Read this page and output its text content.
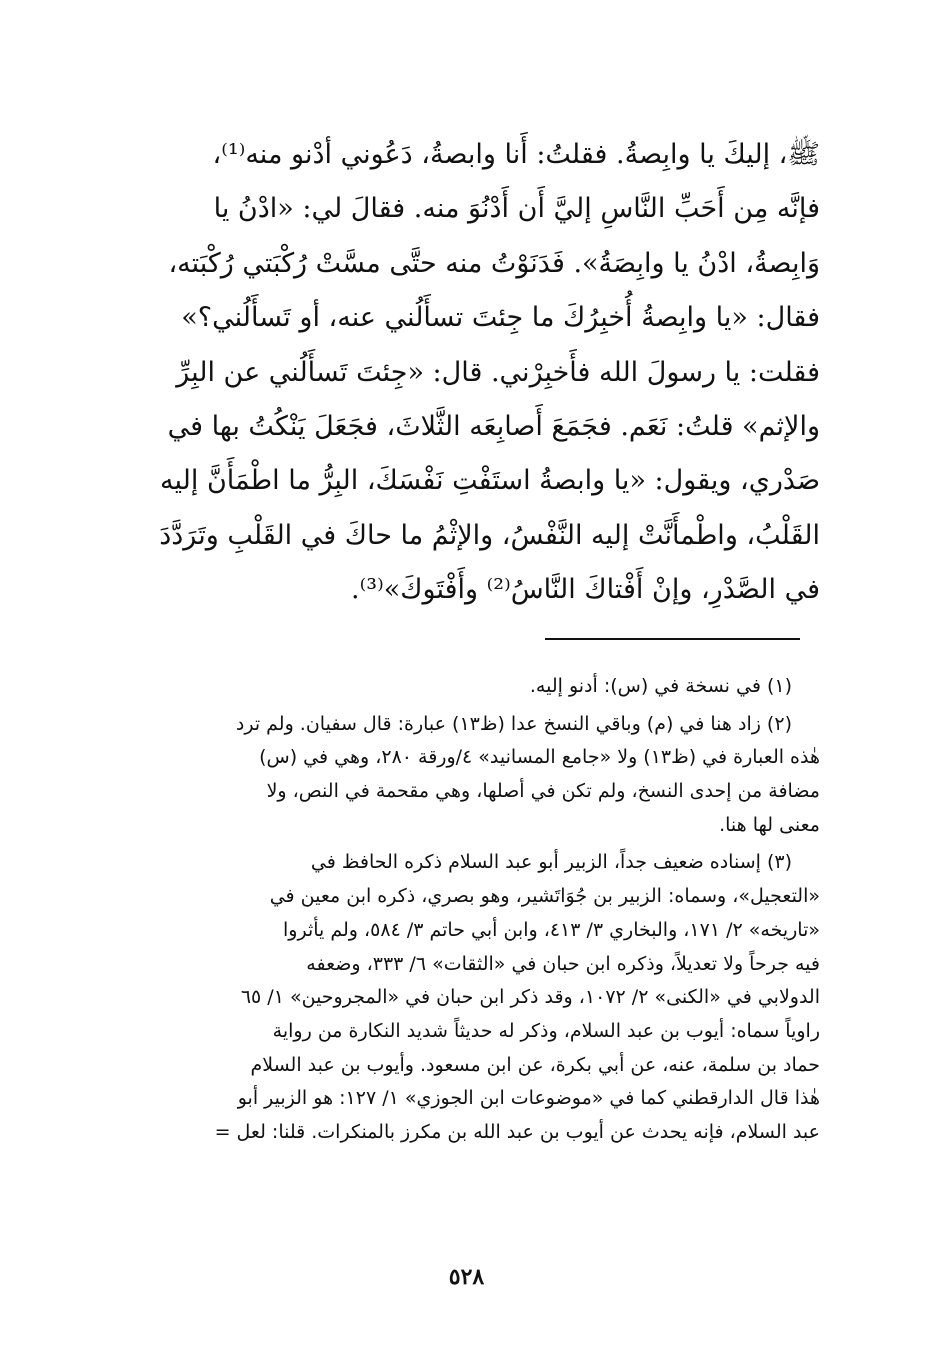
ﷺ، إليكَ يا وابِصةُ. فقلتُ: أَنا وابصةُ، دَعُوني أدْنو منه⁽¹⁾،
فإنَّه مِن أَحَبِّ النَّاسِ إليَّ أَن أَدْنُوَ منه. فقالَ لي: «ادْنُ يا
وَابِصةُ، ادْنُ يا وابِصَةُ». فَدَنَوْتُ منه حتَّى مسَّتْ رُكْبَتي رُكْبَته،
فقال: «يا وابِصةُ أُخبِرُكَ ما جِئتَ تسأَلُني عنه، أو تَسأَلُني؟»
فقلت: يا رسولَ الله فأَخبِرْني. قال: «جِئتَ تَسأَلُني عن البِرِّ
والإثم» قلتُ: نَعَم. فجَمَعَ أَصابِعَه الثَّلاثَ، فجَعَلَ يَنْكُتُ بها في
صَدْري، ويقول: «يا وابصةُ استَفْتِ نَفْسَكَ، البِرُّ ما اطْمَأَنَّ إليه
القَلْبُ، واطْمأَنَّتْ إليه النَّفْسُ، والإثْمُ ما حاكَ في القَلْبِ وتَرَدَّدَ
في الصَّدْرِ، وإنْ أَفْتاكَ النَّاسُ⁽²⁾ وأَفْتَوكَ»⁽³⁾.
(١) في نسخة في (س): أدنو إليه.
(٢) زاد هنا في (م) وباقي النسخ عدا (ظ١٣) عبارة: قال سفيان. ولم ترد
هٰذه العبارة في (ظ١٣) ولا «جامع المسانيد» ٤/ورقة ٢٨٠، وهي في (س)
مضافة من إحدى النسخ، ولم تكن في أصلها، وهي مقحمة في النص، ولا
معنى لها هنا.
(٣) إسناده ضعيف جداً، الزبير أبو عبد السلام ذكره الحافظ في
«التعجيل»، وسماه: الزبير بن جُوَاتَشير، وهو بصري، ذكره ابن معين في
«تاريخه» ٢/ ١٧١، والبخاري ٣/ ٤١٣، وابن أبي حاتم ٣/ ٥٨٤، ولم يأثروا
فيه جرحاً ولا تعديلاً، وذكره ابن حبان في «الثقات» ٦/ ٣٣٣، وضعفه
الدولابي في «الكنى» ٢/ ١٠٧٢، وقد ذكر ابن حبان في «المجروحين» ١/ ٦٥
راوياً سماه: أيوب بن عبد السلام، وذكر له حديثاً شديد النكارة من رواية
حماد بن سلمة، عنه، عن أبي بكرة، عن ابن مسعود. وأيوب بن عبد السلام
هٰذا قال الدارقطني كما في «موضوعات ابن الجوزي» ١/ ١٢٧: هو الزبير أبو
عبد السلام، فإنه يحدث عن أيوب بن عبد الله بن مكرز بالمنكرات. قلنا: لعل =
٥٢٨
